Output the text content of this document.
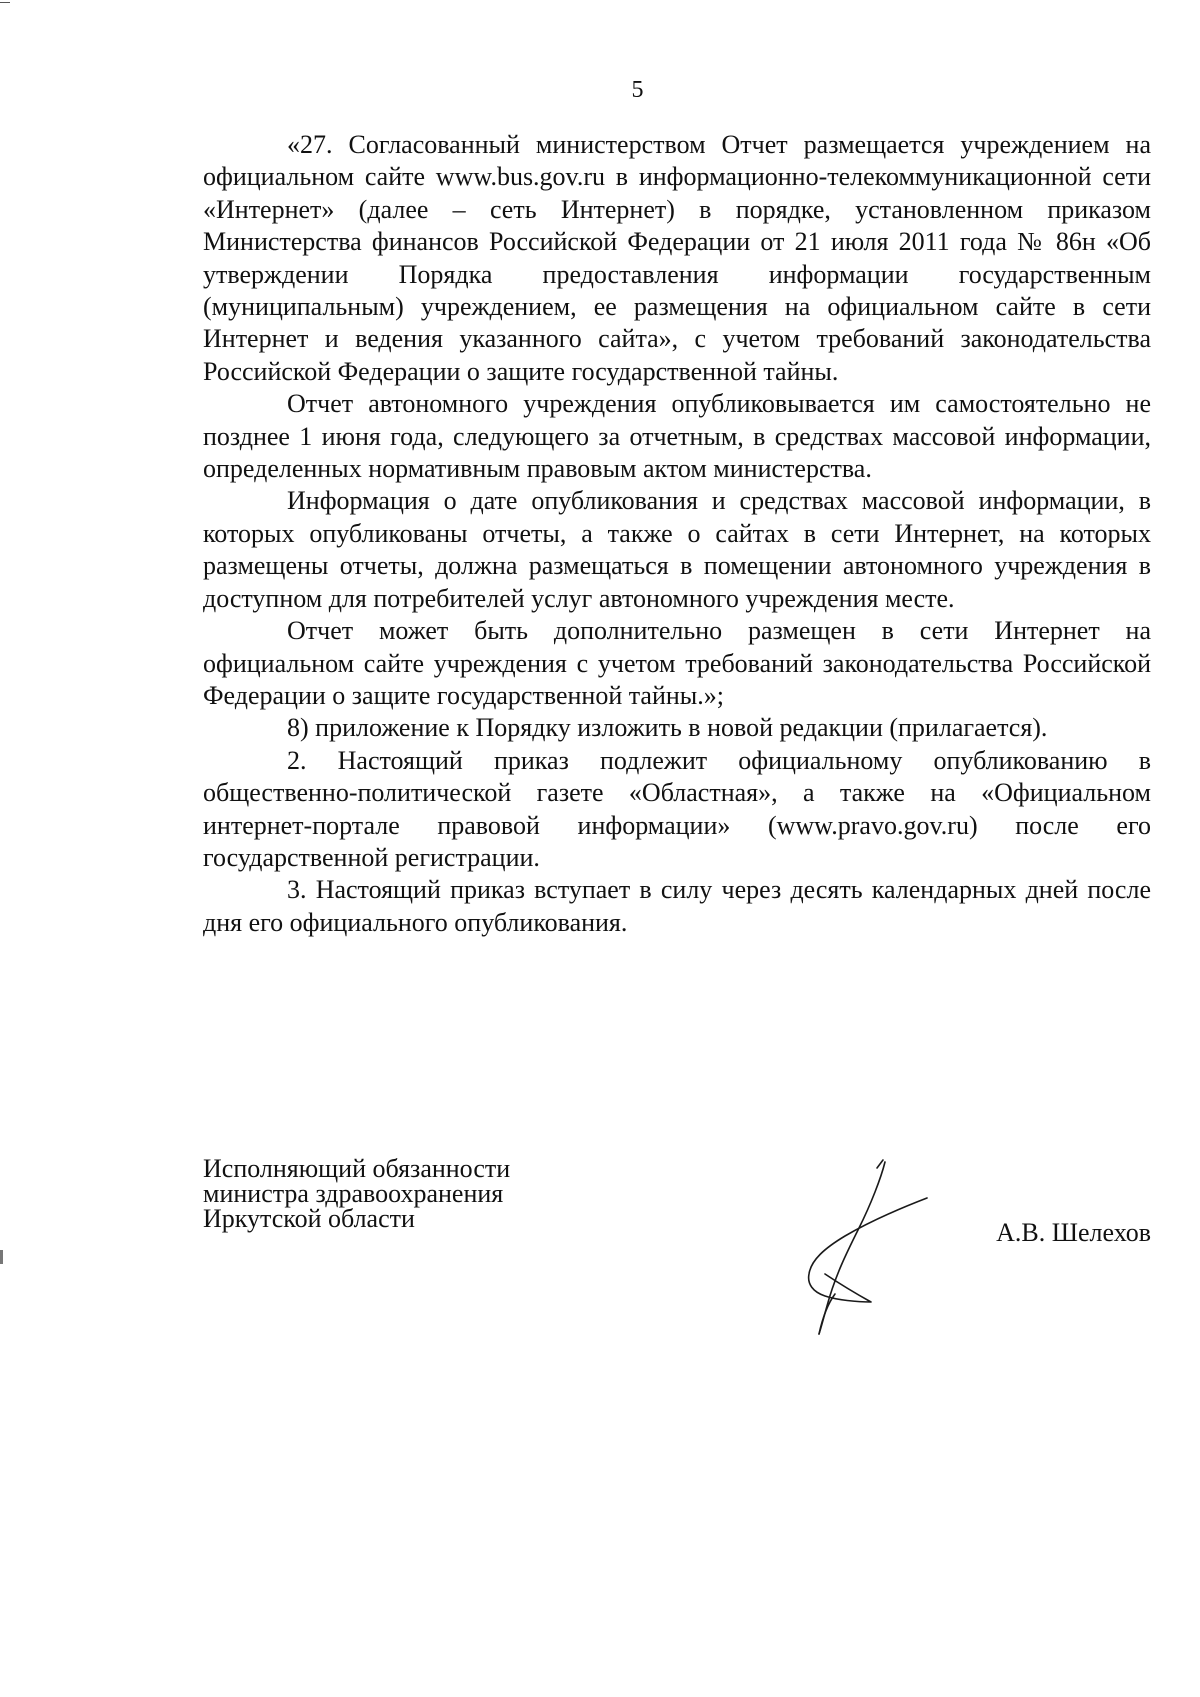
5

«27. Согласованный министерством Отчет размещается учреждением на официальном сайте www.bus.gov.ru в информационно-телекоммуникационной сети «Интернет» (далее – сеть Интернет) в порядке, установленном приказом Министерства финансов Российской Федерации от 21 июля 2011 года № 86н «Об утверждении Порядка предоставления информации государственным (муниципальным) учреждением, ее размещения на официальном сайте в сети Интернет и ведения указанного сайта», с учетом требований законодательства Российской Федерации о защите государственной тайны.

Отчет автономного учреждения опубликовывается им самостоятельно не позднее 1 июня года, следующего за отчетным, в средствах массовой информации, определенных нормативным правовым актом министерства.

Информация о дате опубликования и средствах массовой информации, в которых опубликованы отчеты, а также о сайтах в сети Интернет, на которых размещены отчеты, должна размещаться в помещении автономного учреждения в доступном для потребителей услуг автономного учреждения месте.

Отчет может быть дополнительно размещен в сети Интернет на официальном сайте учреждения с учетом требований законодательства Российской Федерации о защите государственной тайны.»;

8) приложение к Порядку изложить в новой редакции (прилагается).

2. Настоящий приказ подлежит официальному опубликованию в общественно-политической газете «Областная», а также на «Официальном интернет-портале правовой информации» (www.pravo.gov.ru) после его государственной регистрации.

3. Настоящий приказ вступает в силу через десять календарных дней после дня его официального опубликования.

Исполняющий обязанности
министра здравоохранения
Иркутской области	А.В. Шелехов
